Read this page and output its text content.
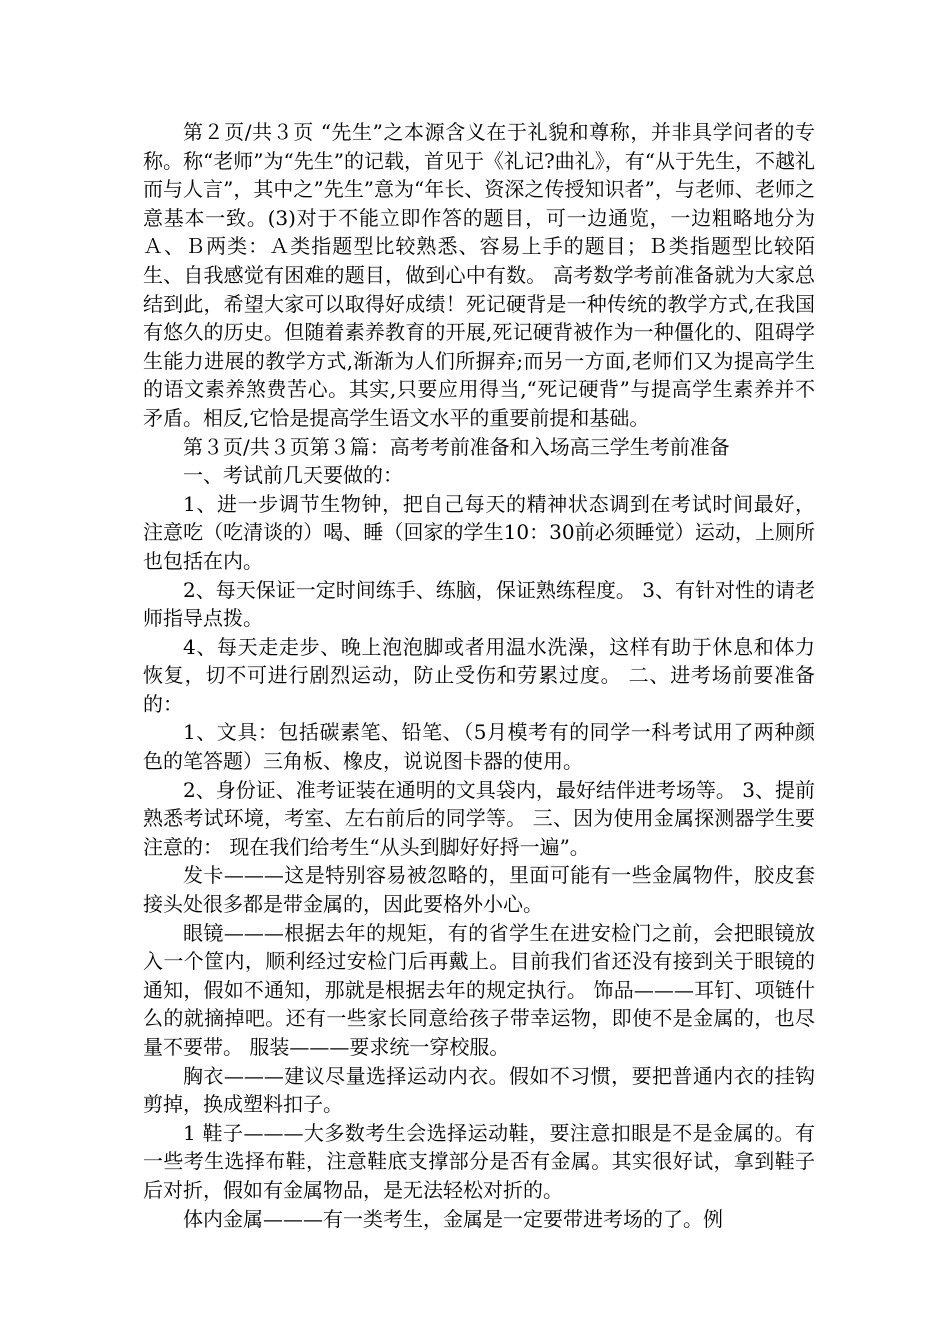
第２页/共３页 “先生”之本源含义在于礼貌和尊称，并非具学问者的专称。称“老师”为“先生”的记载，首见于《礼记?曲礼》，有“从于先生，不越礼而与人言”，其中之”先生”意为“年长、资深之传授知识者”，与老师、老师之意基本一致。(3)对于不能立即作答的题目，可一边通览，一边粗略地分为Ａ、Ｂ两类：Ａ类指题型比较熟悉、容易上手的题目；Ｂ类指题型比较陌生、自我感觉有困难的题目，做到心中有数。 高考数学考前准备就为大家总结到此，希望大家可以取得好成绩！死记硬背是一种传统的教学方式,在我国有悠久的历史。但随着素养教育的开展,死记硬背被作为一种僵化的、阻碍学生能力进展的教学方式,渐渐为人们所摒弃;而另一方面,老师们又为提高学生的语文素养煞费苦心。其实,只要应用得当,“死记硬背”与提高学生素养并不矛盾。相反,它恰是提高学生语文水平的重要前提和基础。

第３页/共３页第３篇：高考考前准备和入场高三学生考前准备

一、考试前几天要做的：

1、进一步调节生物钟，把自己每天的精神状态调到在考试时间最好，注意吃（吃清谈的）喝、睡（回家的学生10：30前必须睡觉）运动，上厕所也包括在内。

2、每天保证一定时间练手、练脑，保证熟练程度。 3、有针对性的请老师指导点拨。

4、每天走走步、晚上泡泡脚或者用温水洗澡，这样有助于休息和体力恢复，切不可进行剧烈运动，防止受伤和劳累过度。 二、进考场前要准备的：

1、文具：包括碳素笔、铅笔、（5月模考有的同学一科考试用了两种颜色的笔答题）三角板、橡皮，说说图卡器的使用。

2、身份证、准考证装在通明的文具袋内，最好结伴进考场等。 3、提前熟悉考试环境，考室、左右前后的同学等。 三、因为使用金属探测器学生要注意的： 现在我们给考生“从头到脚好好捋一遍”。

发卡———这是特别容易被忽略的，里面可能有一些金属物件，胶皮套接头处很多都是带金属的，因此要格外小心。

眼镜———根据去年的规矩，有的省学生在进安检门之前，会把眼镜放入一个筐内，顺利经过安检门后再戴上。目前我们省还没有接到关于眼镜的通知，假如不通知，那就是根据去年的规定执行。 饰品———耳钉、项链什么的就摘掉吧。还有一些家长同意给孩子带幸运物，即使不是金属的，也尽量不要带。 服装———要求统一穿校服。

胸衣———建议尽量选择运动内衣。假如不习惯，要把普通内衣的挂钩剪掉，换成塑料扣子。

1 鞋子———大多数考生会选择运动鞋，要注意扣眼是不是金属的。有一些考生选择布鞋，注意鞋底支撑部分是否有金属。其实很好试，拿到鞋子后对折，假如有金属物品，是无法轻松对折的。

体内金属———有一类考生，金属是一定要带进考场的了。例
